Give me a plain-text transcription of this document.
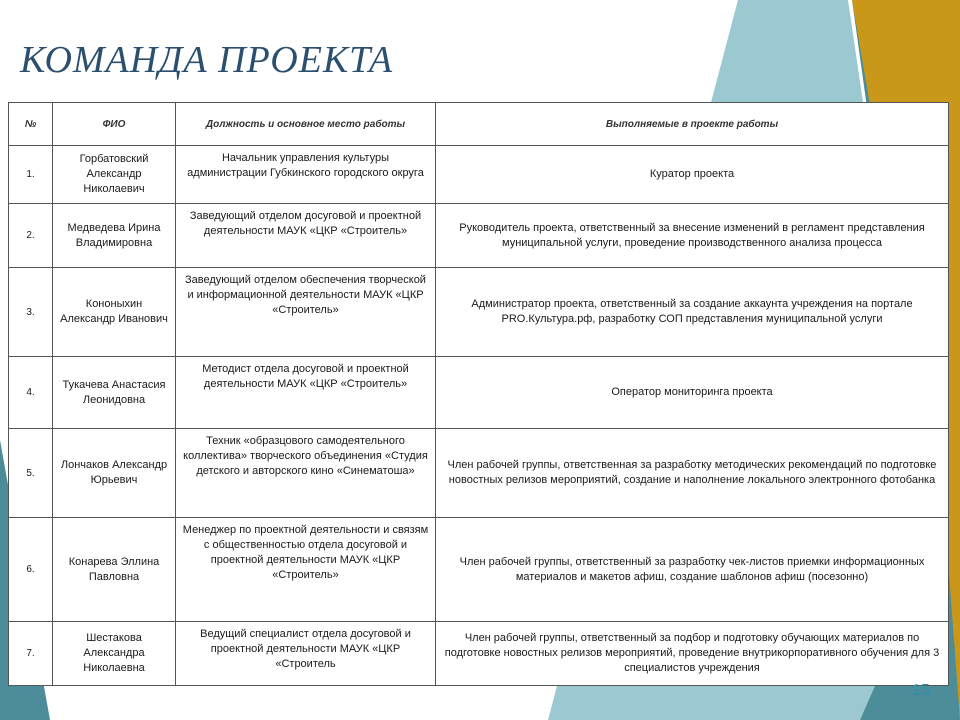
КОМАНДА ПРОЕКТА
№	ФИО	Должность и основное место работы	Выполняемые в проекте работы
1.	Горбатовский Александр Николаевич	Начальник управления культуры администрации Губкинского городского округа	Куратор проекта
2.	Медведева Ирина Владимировна	Заведующий отделом досуговой и проектной деятельности МАУК «ЦКР «Строитель»	Руководитель проекта, ответственный за внесение изменений в регламент представления муниципальной услуги, проведение производственного анализа процесса
3.	Кононыхин Александр Иванович	Заведующий отделом обеспечения творческой и информационной деятельности МАУК «ЦКР «Строитель»	Администратор проекта, ответственный за создание аккаунта учреждения на портале PRO.Культура.рф, разработку СОП представления муниципальной услуги
4.	Тукачева Анастасия Леонидовна	Методист отдела досуговой и проектной деятельности МАУК «ЦКР «Строитель»	Оператор мониторинга проекта
5.	Лончаков Александр Юрьевич	Техник «образцового самодеятельного коллектива» творческого объединения «Студия детского и авторского кино «Синематоша»	Член рабочей группы, ответственная за разработку методических рекомендаций по подготовке новостных релизов мероприятий, создание и наполнение локального электронного фотобанка
6.	Конарева Эллина Павловна	Менеджер по проектной деятельности и связям с общественностью отдела досуговой и проектной деятельности МАУК «ЦКР «Строитель»	Член рабочей группы, ответственный за разработку чек-листов приемки информационных материалов и макетов афиш, создание шаблонов афиш (посезонно)
7.	Шестакова Александра Николаевна	Ведущий специалист отдела досуговой и проектной деятельности МАУК «ЦКР «Строитель	Член рабочей группы, ответственный за подбор и подготовку обучающих материалов по подготовке новостных релизов мероприятий, проведение внутрикорпоративного обучения для 3 специалистов учреждения
15
